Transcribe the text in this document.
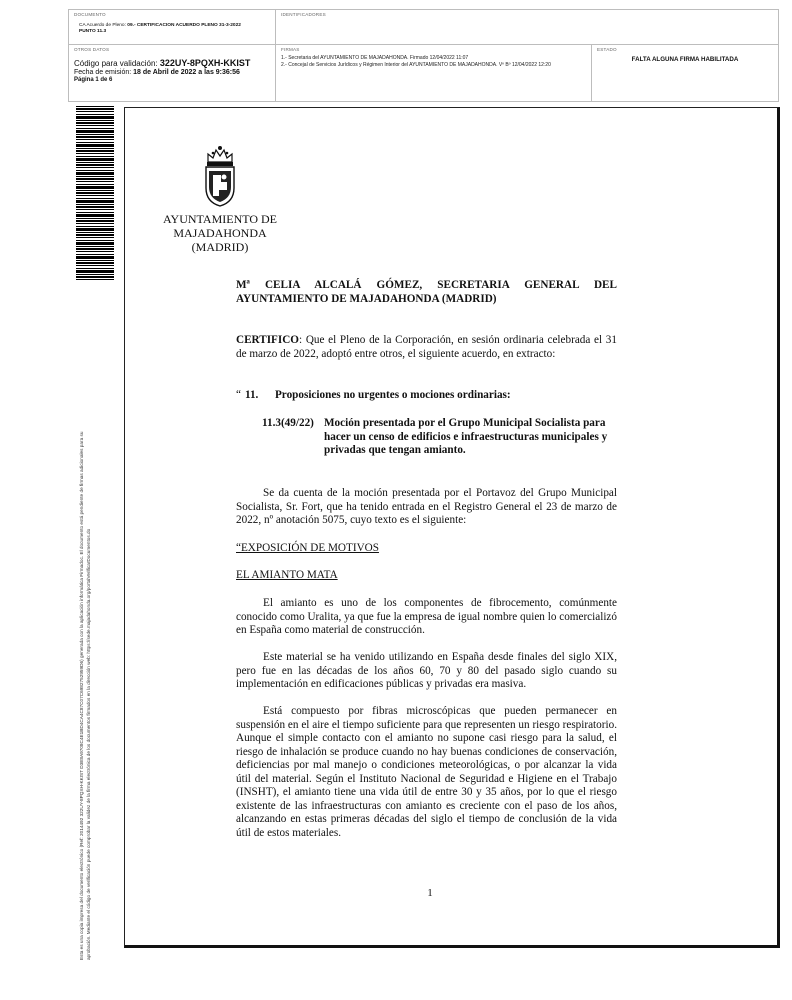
DOCUMENTO
CA Acuerdo de Pleno: 09.- CERTIFICACION ACUERDO PLENO 31-3-2022
PUNTO 11.3
IDENTIFICADORES
OTROS DATOS
Código para validación: 322UY-8PQXH-KKIST
Fecha de emisión: 18 de Abril de 2022 a las 9:36:56
Página 1 de 6
FIRMAS
1.- Secretaria del AYUNTAMIENTO DE MAJADAHONDA. Firmado 12/04/2022 11:07
2.- Concejal de Servicios Jurídicos y Régimen Interior del AYUNTAMIENTO DE MAJADAHONDA. Vº Bº 12/04/2022 12:20
ESTADO
FALTA ALGUNA FIRMA HABILITADA
Esta es una copia impresa del documento electrónico (Ref: 2014492 322UY-8PQXH-KKIST D3E8A9708C4E1BD4CA4C87C07C6982752959D6) generada con la aplicación informática Firmadoc. El documento está pendiente de firmas adicionales para su aprobación. Mediante el código de verificación puede comprobar la validez de la firma electrónica de los documentos firmados en la dirección web: https://sede.majadahonda.org/portalVerificarDocumentos.do
AYUNTAMIENTO DE
MAJADAHONDA
(MADRID)
Mª CELIA ALCALÁ GÓMEZ, SECRETARIA GENERAL DEL AYUNTAMIENTO DE MAJADAHONDA (MADRID)
CERTIFICO: Que el Pleno de la Corporación, en sesión ordinaria celebrada el 31 de marzo de 2022, adoptó entre otros, el siguiente acuerdo, en extracto:
“ 11. Proposiciones no urgentes o mociones ordinarias:
11.3(49/22) Moción presentada por el Grupo Municipal Socialista para hacer un censo de edificios e infraestructuras municipales y privadas que tengan amianto.
Se da cuenta de la moción presentada por el Portavoz del Grupo Municipal Socialista, Sr. Fort, que ha tenido entrada en el Registro General el 23 de marzo de 2022, nº anotación 5075, cuyo texto es el siguiente:
“EXPOSICIÓN DE MOTIVOS
EL AMIANTO MATA
El amianto es uno de los componentes de fibrocemento, comúnmente conocido como Uralita, ya que fue la empresa de igual nombre quien lo comercializó en España como material de construcción.
Este material se ha venido utilizando en España desde finales del siglo XIX, pero fue en las décadas de los años 60, 70 y 80 del pasado siglo cuando su implementación en edificaciones públicas y privadas era masiva.
Está compuesto por fibras microscópicas que pueden permanecer en suspensión en el aire el tiempo suficiente para que representen un riesgo respiratorio. Aunque el simple contacto con el amianto no supone casi riesgo para la salud, el riesgo de inhalación se produce cuando no hay buenas condiciones de conservación, deficiencias por mal manejo o condiciones meteorológicas, o por alcanzar la vida útil del material. Según el Instituto Nacional de Seguridad e Higiene en el Trabajo (INSHT), el amianto tiene una vida útil de entre 30 y 35 años, por lo que el riesgo existente de las infraestructuras con amianto es creciente con el paso de los años, alcanzando en estas primeras décadas del siglo el tiempo de conclusión de la vida útil de estos materiales.
1
